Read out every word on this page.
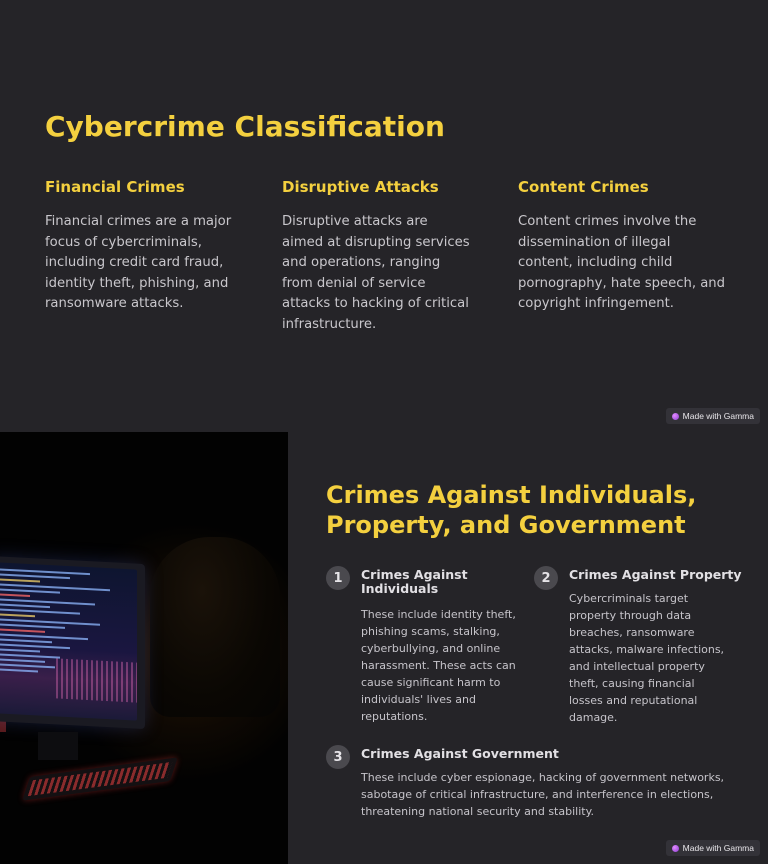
Cybercrime Classification
Financial Crimes

Financial crimes are a major focus of cybercriminals, including credit card fraud, identity theft, phishing, and ransomware attacks.

Disruptive Attacks

Disruptive attacks are aimed at disrupting services and operations, ranging from denial of service attacks to hacking of critical infrastructure.

Content Crimes

Content crimes involve the dissemination of illegal content, including child pornography, hate speech, and copyright infringement.

Made with Gamma
Crimes Against Individuals, Property, and Government
1	Crimes Against Individuals

These include identity theft, phishing scams, stalking, cyberbullying, and online harassment. These acts can cause significant harm to individuals' lives and reputations.

2	Crimes Against Property

Cybercriminals target property through data breaches, ransomware attacks, malware infections, and intellectual property theft, causing financial losses and reputational damage.

3	Crimes Against Government

These include cyber espionage, hacking of government networks, sabotage of critical infrastructure, and interference in elections, threatening national security and stability.

Made with Gamma
